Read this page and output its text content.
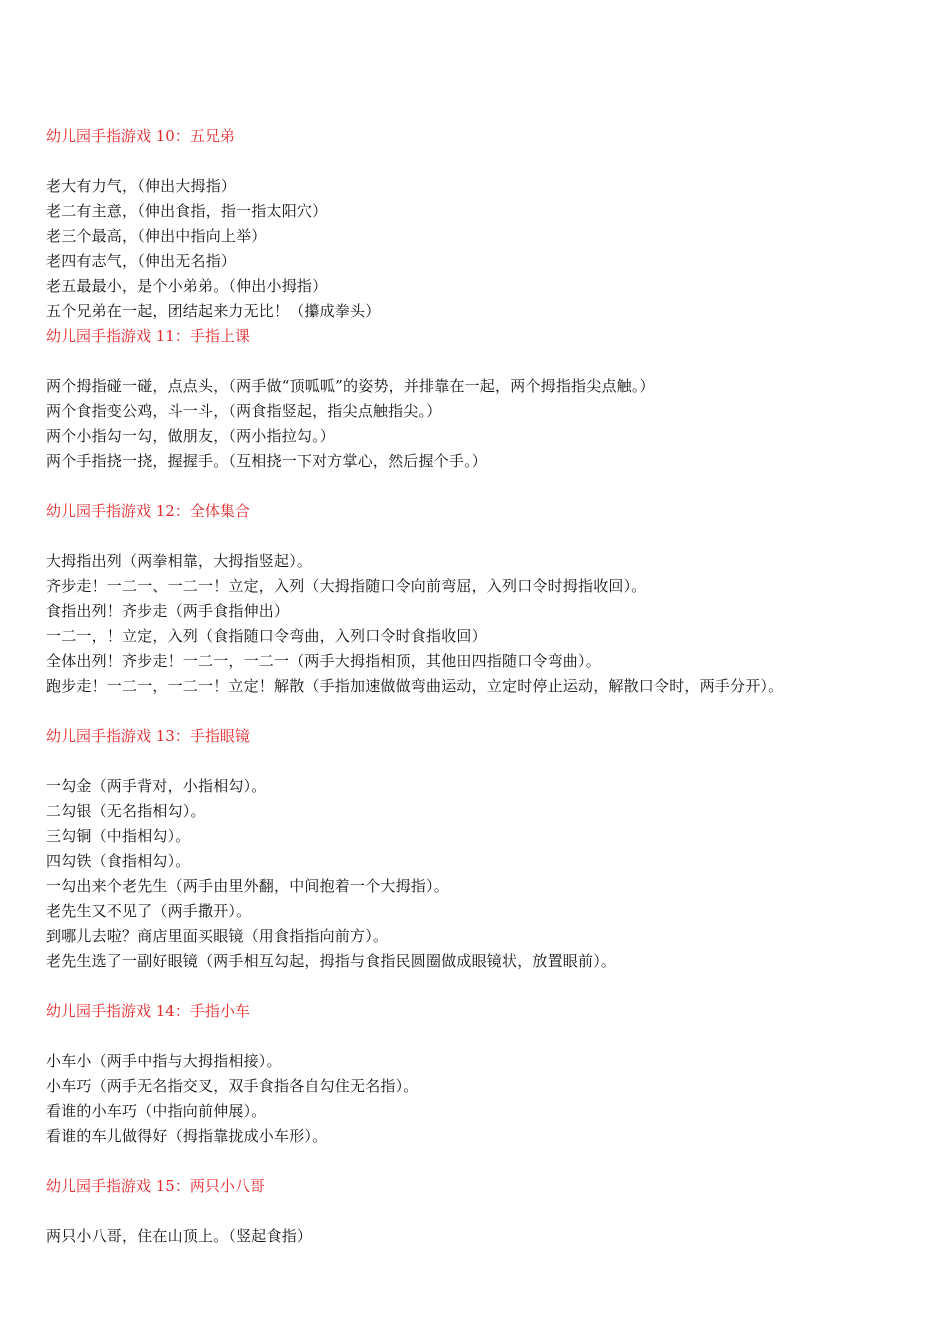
幼儿园手指游戏 10：五兄弟
老大有力气，（伸出大拇指）
老二有主意，（伸出食指，指一指太阳穴）
老三个最高，（伸出中指向上举）
老四有志气，（伸出无名指）
老五最最小，是个小弟弟。（伸出小拇指）
五个兄弟在一起，团结起来力无比！（攥成拳头）
幼儿园手指游戏 11：手指上课
两个拇指碰一碰，点点头，（两手做“顶呱呱”的姿势，并排靠在一起，两个拇指指尖点触。）
两个食指变公鸡，斗一斗，（两食指竖起，指尖点触指尖。）
两个小指勾一勾，做朋友，（两小指拉勾。）
两个手指挠一挠，握握手。（互相挠一下对方掌心，然后握个手。）
幼儿园手指游戏 12：全体集合
大拇指出列（两拳相靠，大拇指竖起）。
齐步走！一二一、一二一！立定，入列（大拇指随口令向前弯屈，入列口令时拇指收回）。
食指出列！齐步走（两手食指伸出）
一二一，！立定，入列（食指随口令弯曲，入列口令时食指收回）
全体出列！齐步走！一二一，一二一（两手大拇指相顶，其他田四指随口令弯曲）。
跑步走！一二一，一二一！立定！解散（手指加速做做弯曲运动，立定时停止运动，解散口令时，两手分开）。
幼儿园手指游戏 13：手指眼镜
一勾金（两手背对，小指相勾）。
二勾银（无名指相勾）。
三勾铜（中指相勾）。
四勾铁（食指相勾）。
一勾出来个老先生（两手由里外翻，中间抱着一个大拇指）。
老先生又不见了（两手撒开）。
到哪儿去啦？商店里面买眼镜（用食指指向前方）。
老先生选了一副好眼镜（两手相互勾起，拇指与食指民圆圈做成眼镜状，放置眼前）。
幼儿园手指游戏 14：手指小车
小车小（两手中指与大拇指相接）。
小车巧（两手无名指交叉，双手食指各自勾住无名指）。
看谁的小车巧（中指向前伸展）。
看谁的车儿做得好（拇指靠拢成小车形）。
幼儿园手指游戏 15：两只小八哥
两只小八哥，住在山顶上。（竖起食指）
